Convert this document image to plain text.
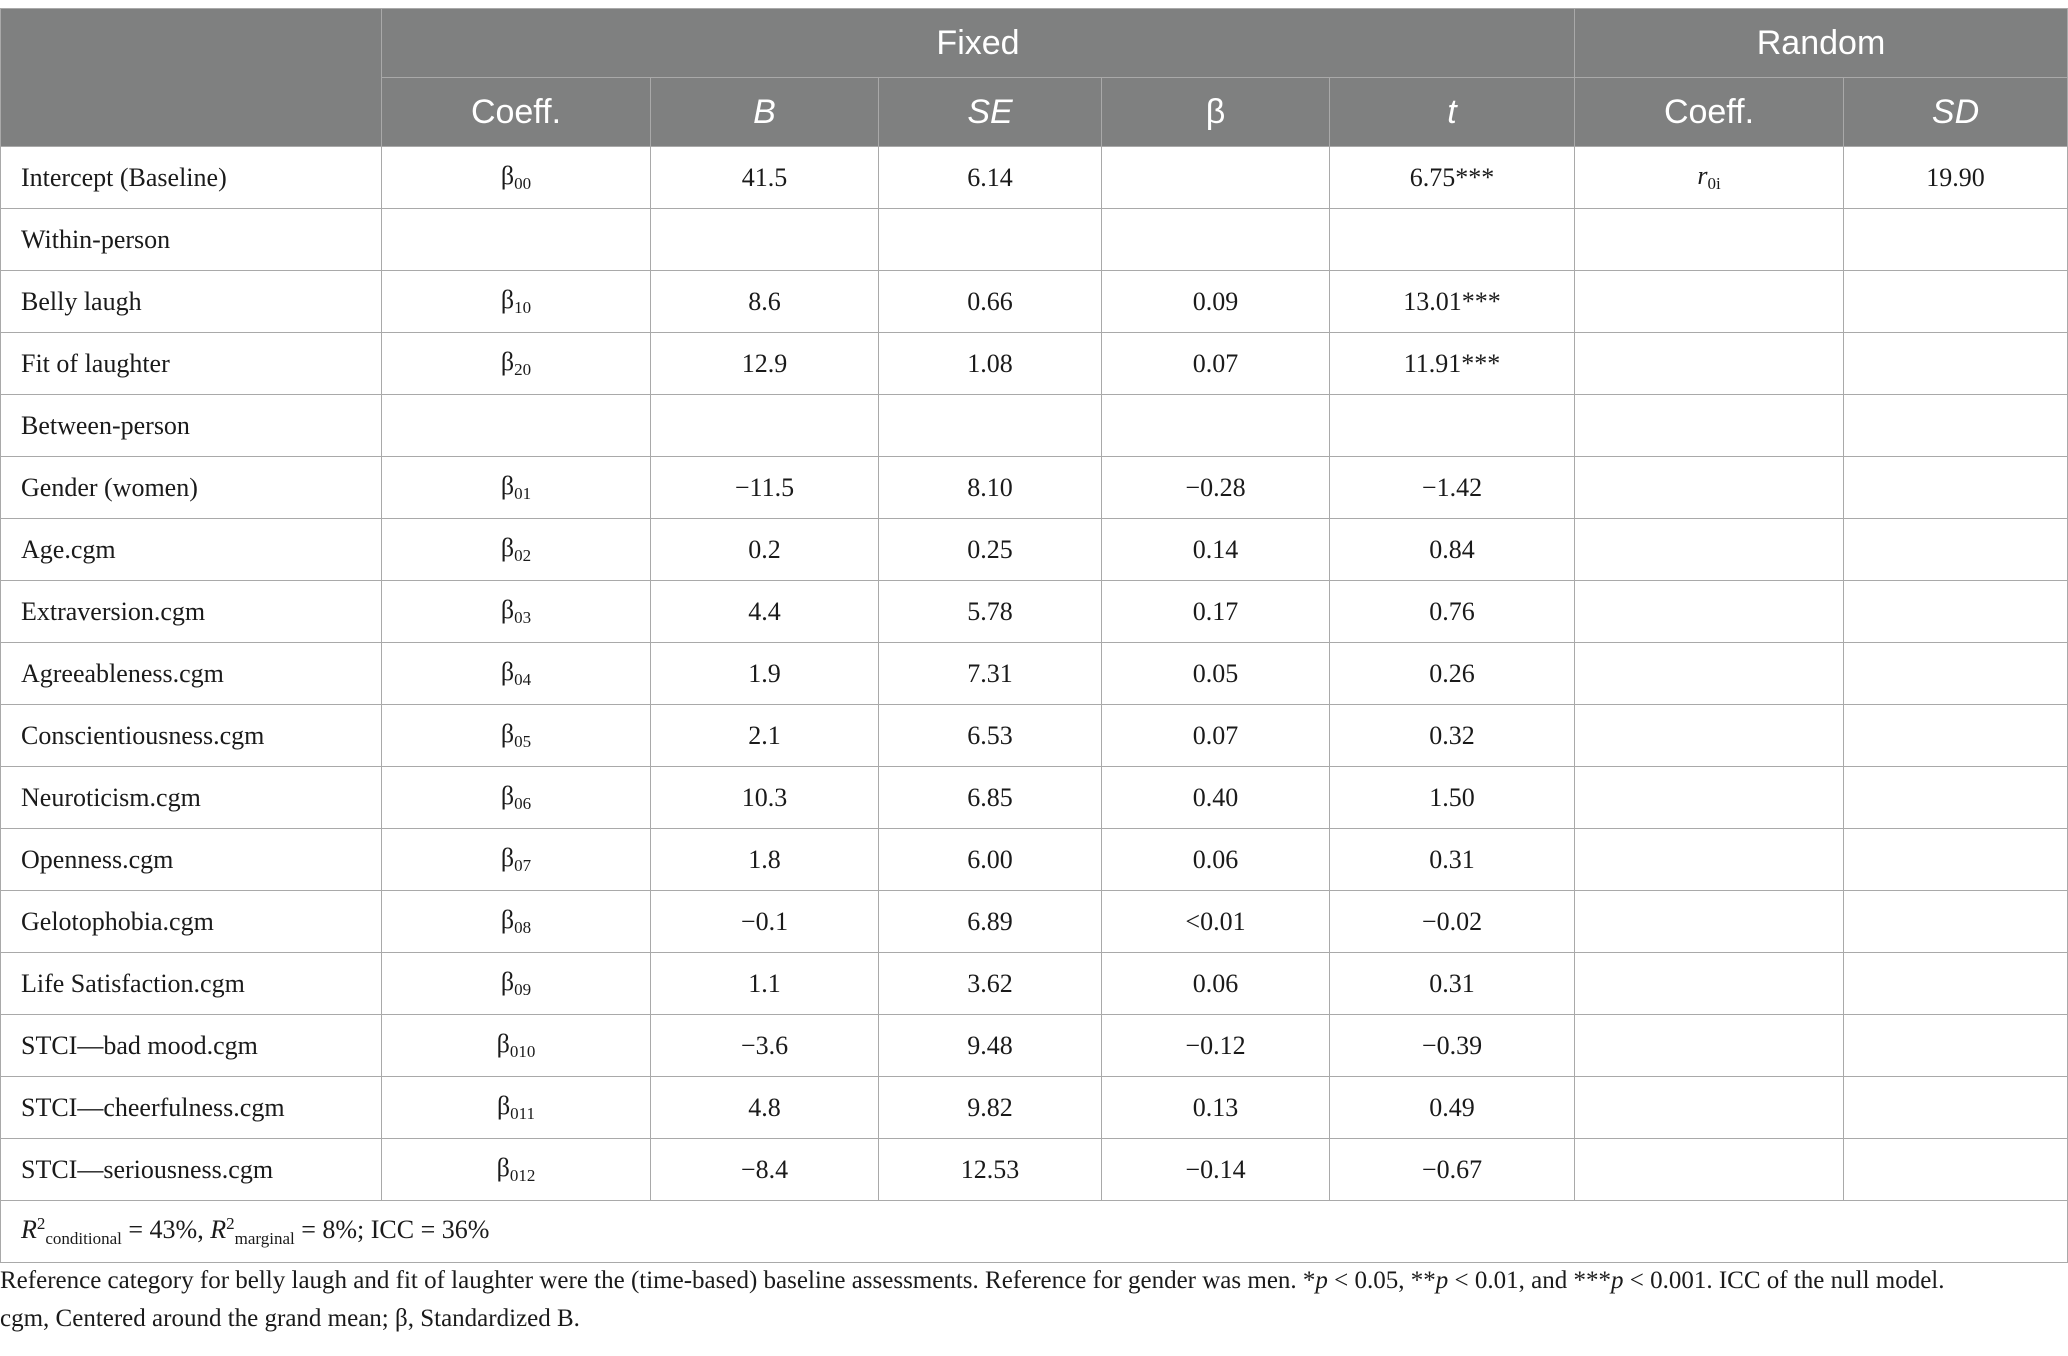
	Fixed					Random	
	Coeff.	B	SE	β	t	Coeff.	SD
Intercept (Baseline)	$\beta_{00}$	41.5	6.14		6.75***	$r_{0i}$	19.90
Within-person							
Belly laugh	$\beta_{10}$	8.6	0.66	0.09	13.01***		
Fit of laughter	$\beta_{20}$	12.9	1.08	0.07	11.91***		
Between-person							
Gender (women)	$\beta_{01}$	−11.5	8.10	−0.28	−1.42		
Age.cgm	$\beta_{02}$	0.2	0.25	0.14	0.84		
Extraversion.cgm	$\beta_{03}$	4.4	5.78	0.17	0.76		
Agreeableness.cgm	$\beta_{04}$	1.9	7.31	0.05	0.26		
Conscientiousness.cgm	$\beta_{05}$	2.1	6.53	0.07	0.32		
Neuroticism.cgm	$\beta_{06}$	10.3	6.85	0.40	1.50		
Openness.cgm	$\beta_{07}$	1.8	6.00	0.06	0.31		
Gelotophobia.cgm	$\beta_{08}$	−0.1	6.89	<0.01	−0.02		
Life Satisfaction.cgm	$\beta_{09}$	1.1	3.62	0.06	0.31		
STCI—bad mood.cgm	$\beta_{010}$	−3.6	9.48	−0.12	−0.39		
STCI—cheerfulness.cgm	$\beta_{011}$	4.8	9.82	0.13	0.49		
STCI—seriousness.cgm	$\beta_{012}$	−8.4	12.53	−0.14	−0.67		
$R^2_{conditional} = 43\%$, $R^2_{marginal} = 8\%$; ICC = 36%							

Reference category for belly laugh and fit of laughter were the (time-based) baseline assessments. Reference for gender was men. *p < 0.05, **p < 0.01, and ***p < 0.001. ICC of the null model.

cgm, Centered around the grand mean; β, Standardized B.
